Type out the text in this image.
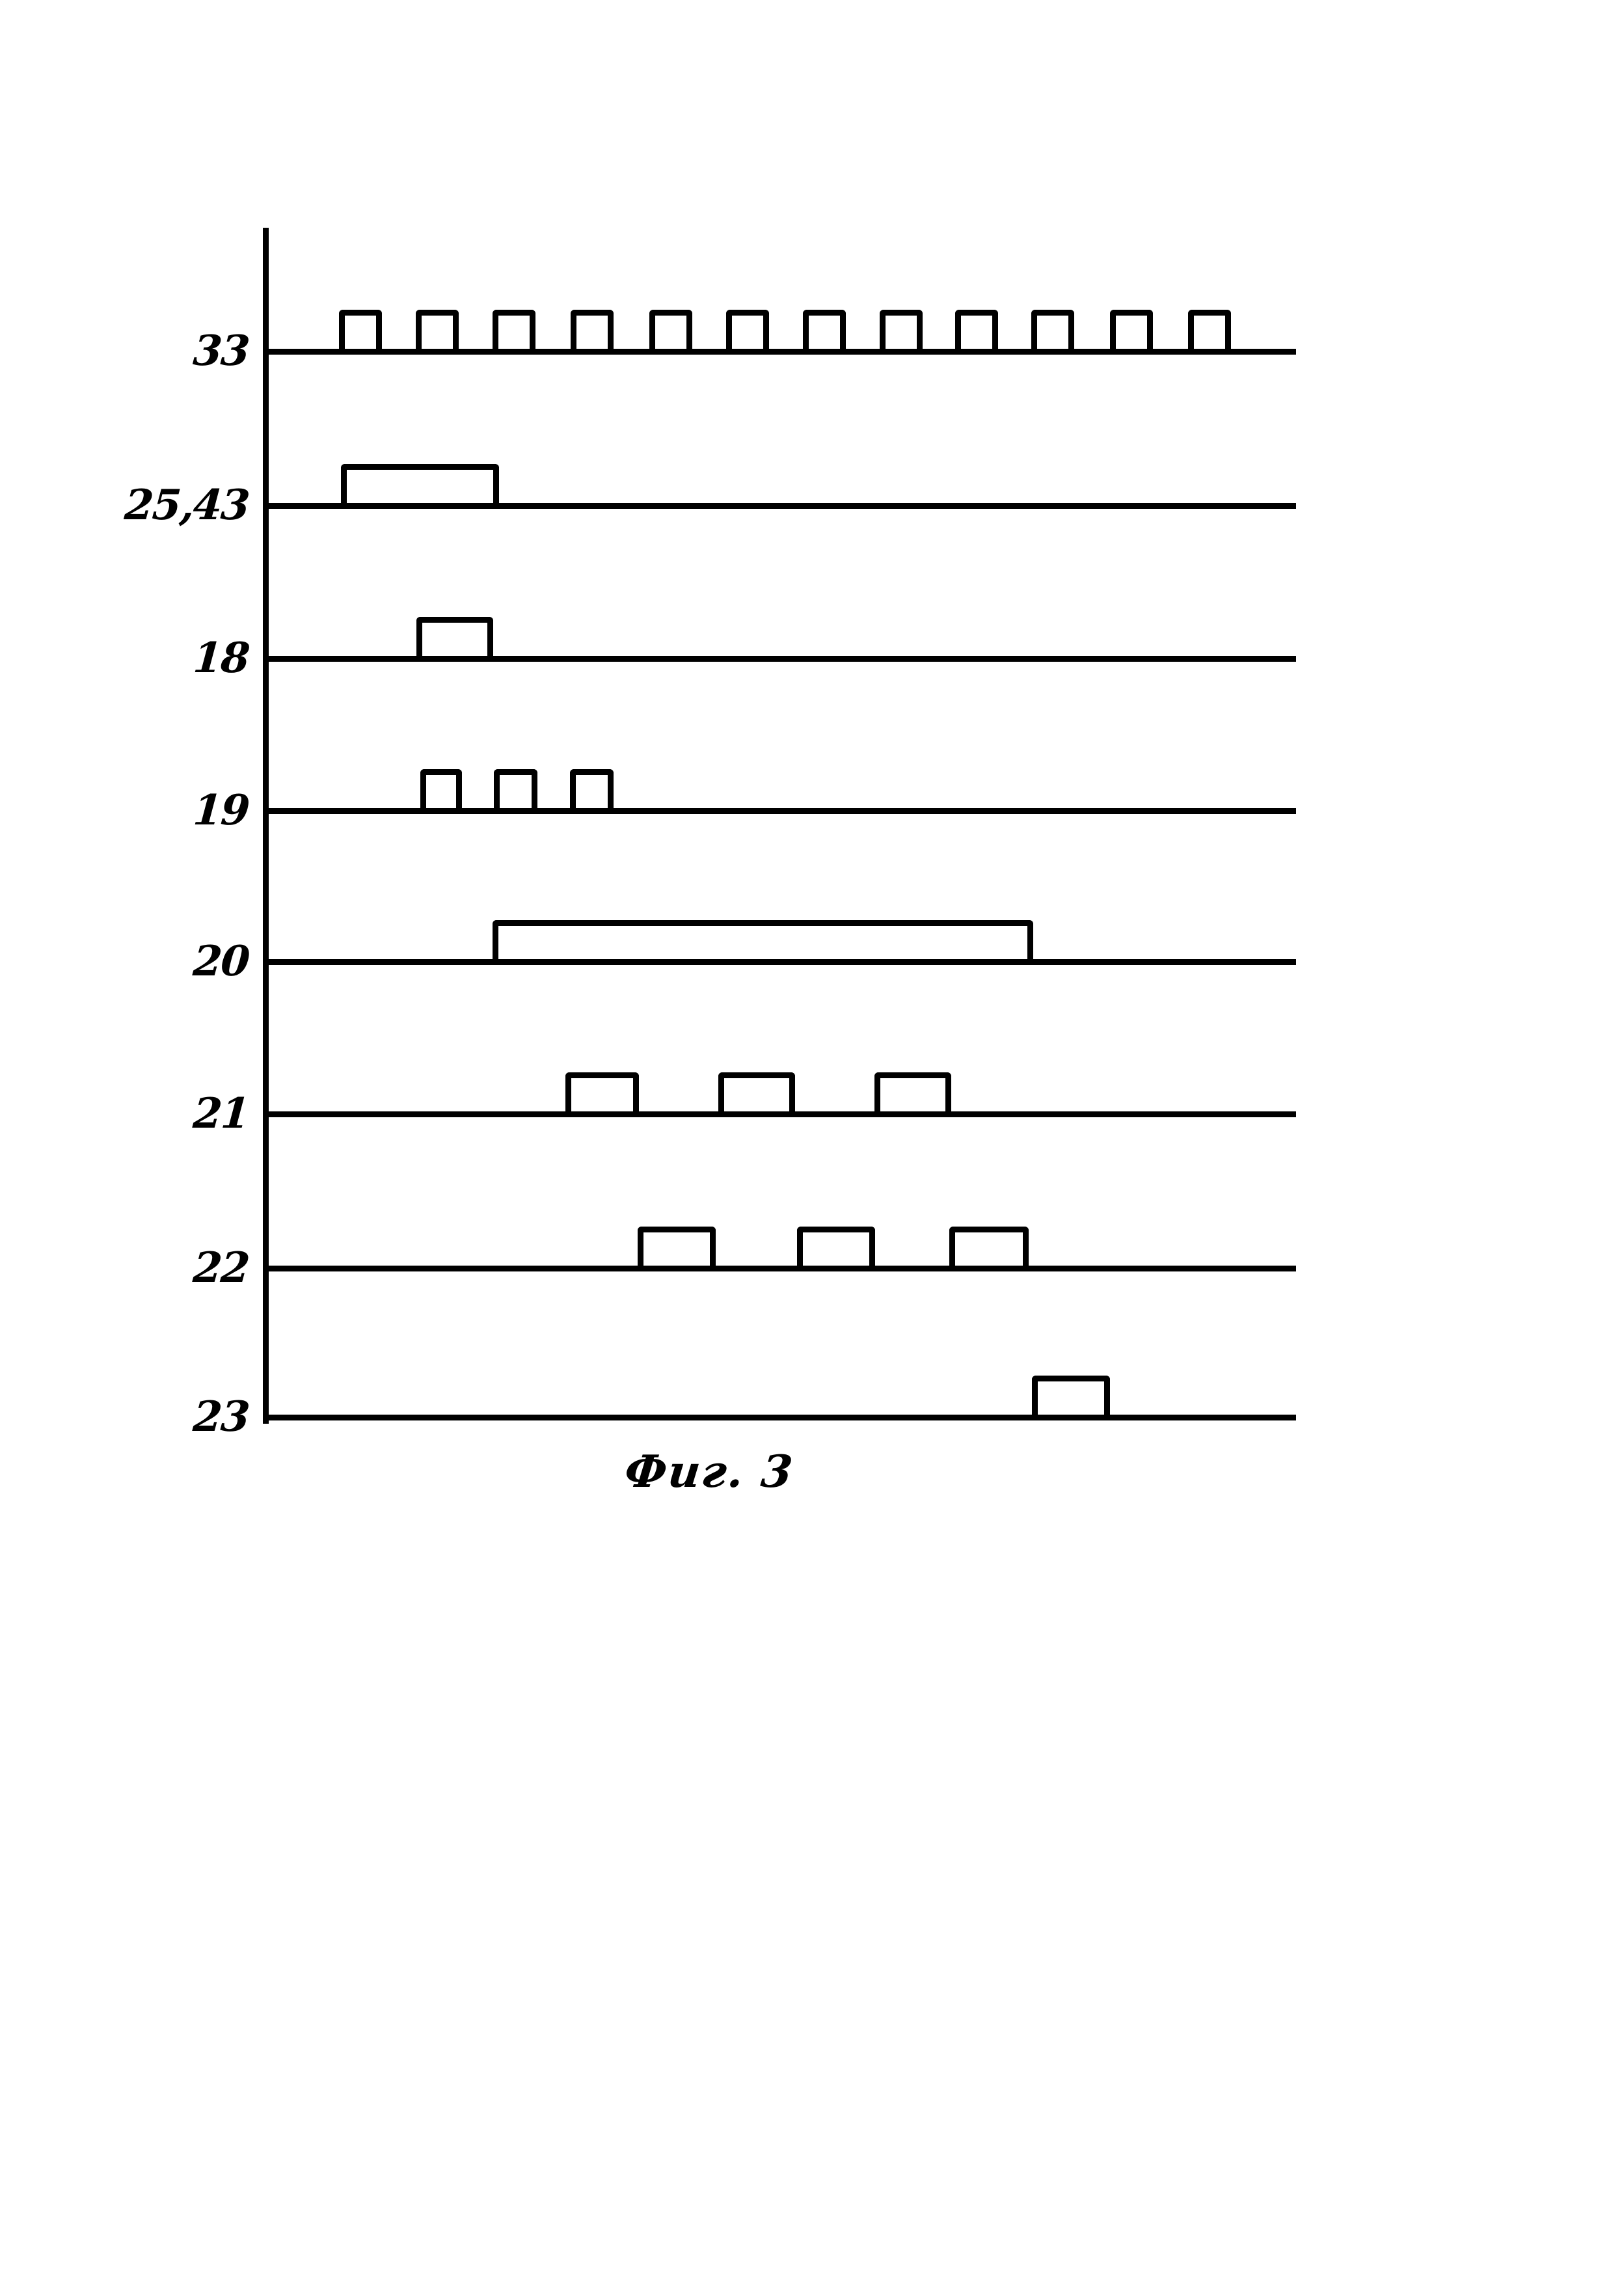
33
25,43
18
19
20
21
22
23
Фиг. 3
